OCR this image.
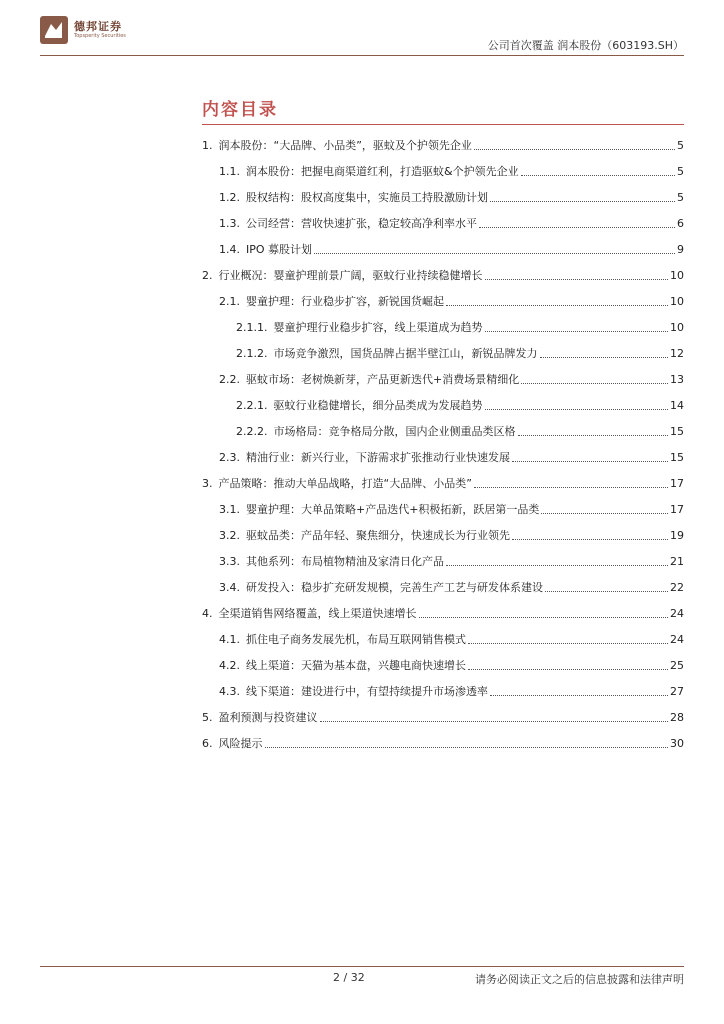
德邦证券
Topsperity Securities
公司首次覆盖 润本股份（603193.SH）
内容目录
1. 润本股份：“大品牌、小品类”，驱蚊及个护领先企业	5
1.1. 润本股份：把握电商渠道红利，打造驱蚊&个护领先企业	5
1.2. 股权结构：股权高度集中，实施员工持股激励计划	5
1.3. 公司经营：营收快速扩张，稳定较高净利率水平	6
1.4. IPO 募股计划	9
2. 行业概况：婴童护理前景广阔，驱蚊行业持续稳健增长	10
2.1. 婴童护理：行业稳步扩容，新锐国货崛起	10
2.1.1. 婴童护理行业稳步扩容，线上渠道成为趋势	10
2.1.2. 市场竞争激烈，国货品牌占据半壁江山，新锐品牌发力	12
2.2. 驱蚊市场：老树焕新芽，产品更新迭代+消费场景精细化	13
2.2.1. 驱蚊行业稳健增长，细分品类成为发展趋势	14
2.2.2. 市场格局：竞争格局分散，国内企业侧重品类区格	15
2.3. 精油行业：新兴行业，下游需求扩张推动行业快速发展	15
3. 产品策略：推动大单品战略，打造“大品牌、小品类”	17
3.1. 婴童护理：大单品策略+产品迭代+积极拓新，跃居第一品类	17
3.2. 驱蚊品类：产品年轻、聚焦细分，快速成长为行业领先	19
3.3. 其他系列：布局植物精油及家清日化产品	21
3.4. 研发投入：稳步扩充研发规模，完善生产工艺与研发体系建设	22
4. 全渠道销售网络覆盖，线上渠道快速增长	24
4.1. 抓住电子商务发展先机，布局互联网销售模式	24
4.2. 线上渠道：天猫为基本盘，兴趣电商快速增长	25
4.3. 线下渠道：建设进行中，有望持续提升市场渗透率	27
5. 盈利预测与投资建议	28
6. 风险提示	30
2 / 32	请务必阅读正文之后的信息披露和法律声明
